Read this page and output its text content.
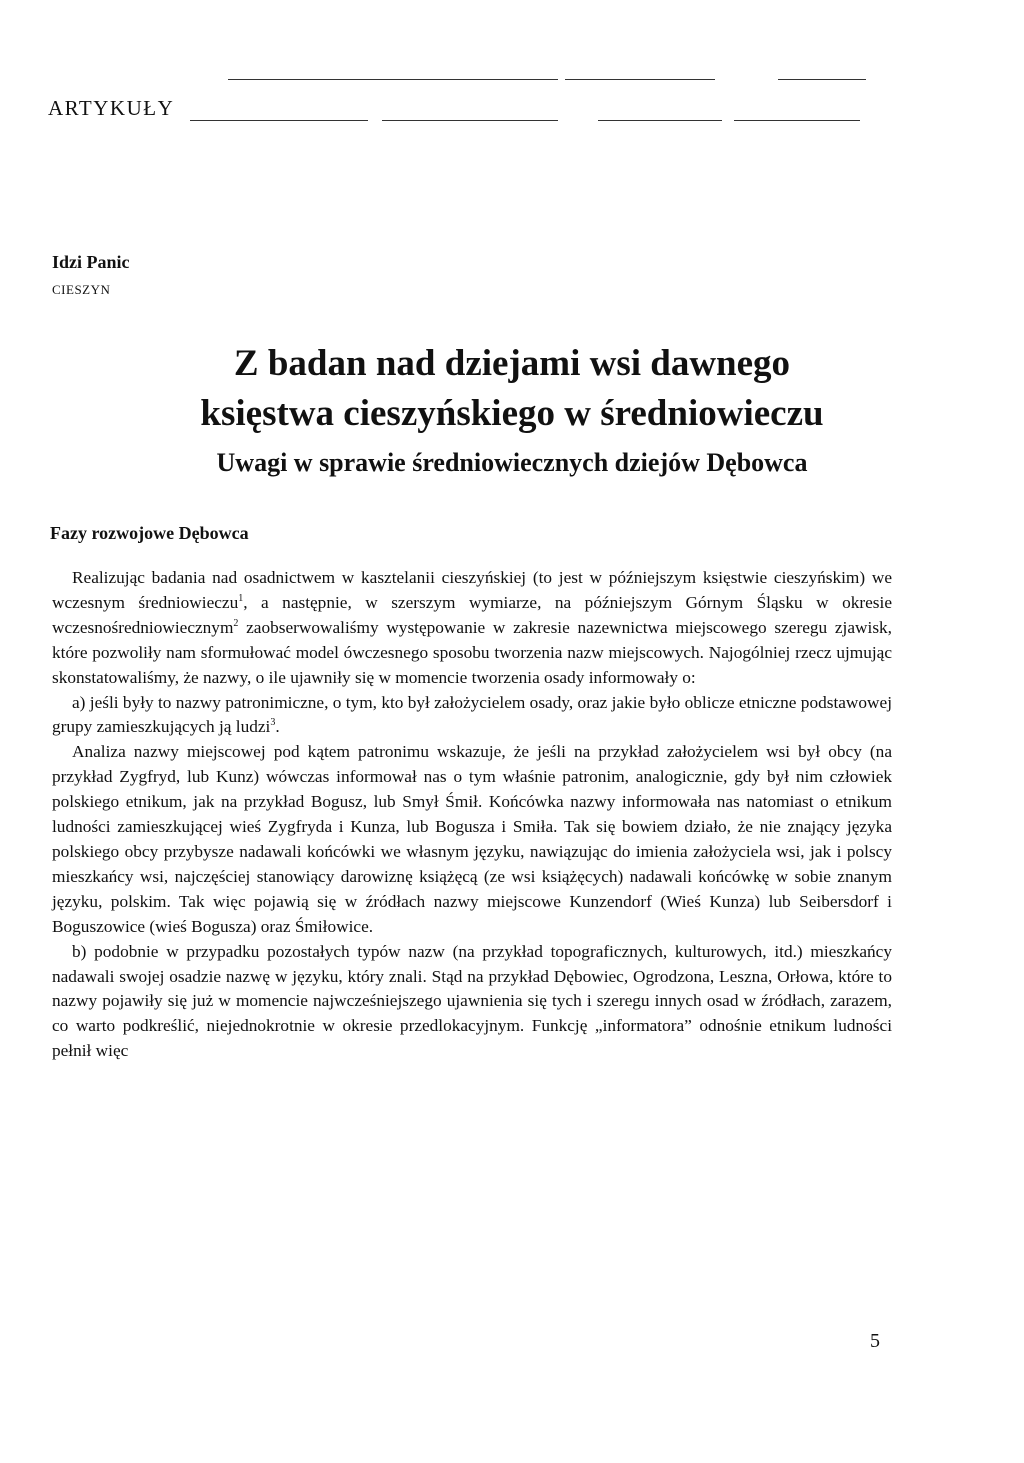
ARTYKUŁY
Idzi Panic
CIESZYN
Z badan nad dziejami wsi dawnego
księstwa cieszyńskiego w średniowieczu
Uwagi w sprawie średniowiecznych dziejów Dębowca
Fazy rozwojowe Dębowca

Realizując badania nad osadnictwem w kasztelanii cieszyńskiej (to jest w późniejszym księstwie cieszyńskim) we wczesnym średniowieczu$^1$, a następnie, w szerszym wymiarze, na późniejszym Górnym Śląsku w okresie wczesnośredniowiecznym$^2$ zaobserwowaliśmy występowanie w zakresie nazewnictwa miejscowego szeregu zjawisk, które pozwoliły nam sformułować model ówczesnego sposobu tworzenia nazw miejscowych. Najogólniej rzecz ujmując skonstatowaliśmy, że nazwy, o ile ujawniły się w momencie tworzenia osady informowały o:

a) jeśli były to nazwy patronimiczne, o tym, kto był założycielem osady, oraz jakie było oblicze etniczne podstawowej grupy zamieszkujących ją ludzi$^3$.

Analiza nazwy miejscowej pod kątem patronimu wskazuje, że jeśli na przykład założycielem wsi był obcy (na przykład Zygfryd, lub Kunz) wówczas informował nas o tym właśnie patronim, analogicznie, gdy był nim człowiek polskiego etnikum, jak na przykład Bogusz, lub Smył Śmił. Końcówka nazwy informowała nas natomiast o etnikum ludności zamieszkującej wieś Zygfryda i Kunza, lub Bogusza i Smiła. Tak się bowiem działo, że nie znający języka polskiego obcy przybysze nadawali końcówki we własnym języku, nawiązując do imienia założyciela wsi, jak i polscy mieszkańcy wsi, najczęściej stanowiący darowiznę książęcą (ze wsi książęcych) nadawali końcówkę w sobie znanym języku, polskim. Tak więc pojawią się w źródłach nazwy miejscowe Kunzendorf (Wieś Kunza) lub Seibersdorf i Boguszowice (wieś Bogusza) oraz Śmiłowice.

b) podobnie w przypadku pozostałych typów nazw (na przykład topograficznych, kulturowych, itd.) mieszkańcy nadawali swojej osadzie nazwę w języku, który znali. Stąd na przykład Dębowiec, Ogrodzona, Leszna, Orłowa, które to nazwy pojawiły się już w momencie najwcześniejszego ujawnienia się tych i szeregu innych osad w źródłach, zarazem, co warto podkreślić, niejednokrotnie w okresie przedlokacyjnym. Funkcję „informatora” odnośnie etnikum ludności pełnił więc

5
